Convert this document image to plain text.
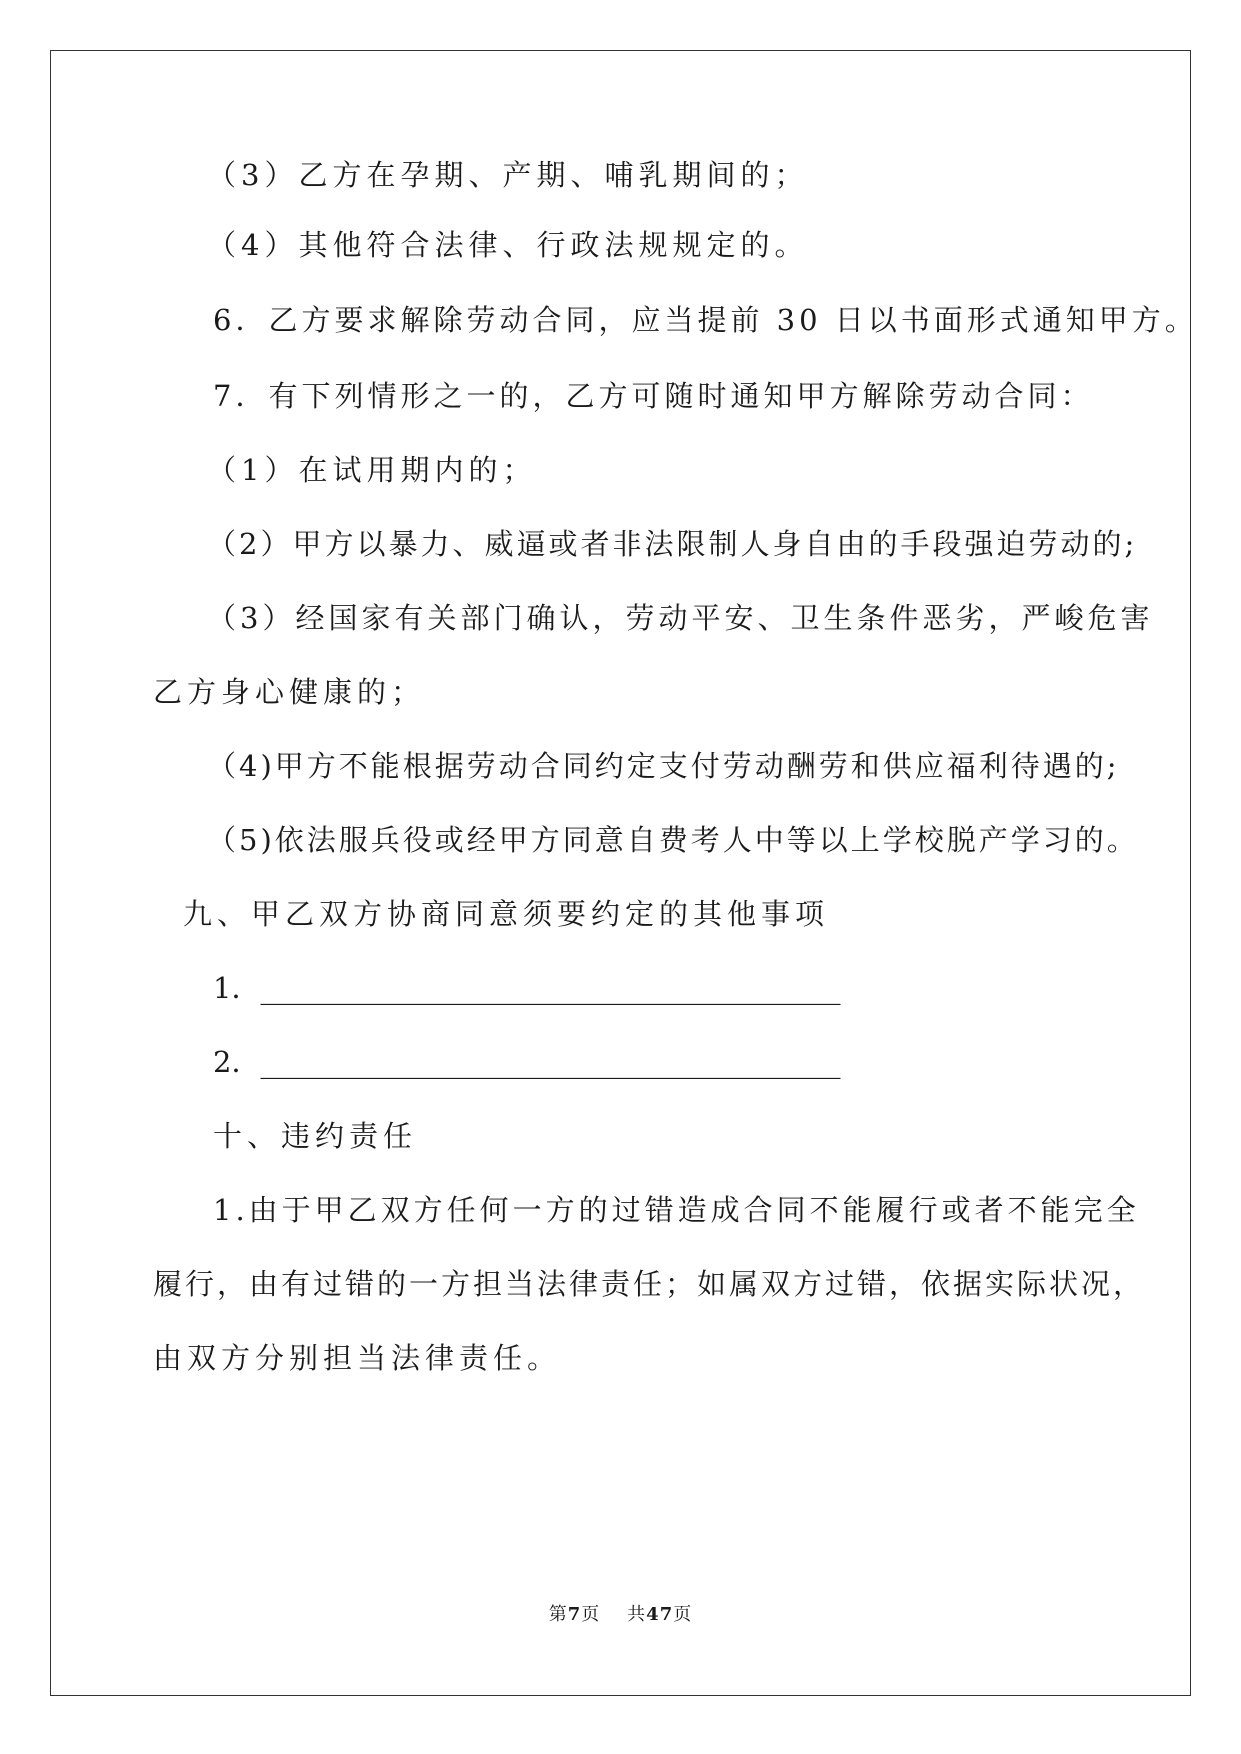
（3）乙方在孕期、产期、哺乳期间的；
（4）其他符合法律、行政法规规定的。
6．乙方要求解除劳动合同，应当提前 30 日以书面形式通知甲方。
7．有下列情形之一的，乙方可随时通知甲方解除劳动合同：
（1）在试用期内的；
（2）甲方以暴力、威逼或者非法限制人身自由的手段强迫劳动的;
（3）经国家有关部门确认，劳动平安、卫生条件恶劣，严峻危害
乙方身心健康的；
（4)甲方不能根据劳动合同约定支付劳动酬劳和供应福利待遇的;
（5)依法服兵役或经甲方同意自费考人中等以上学校脱产学习的。
九、甲乙双方协商同意须要约定的其他事项
1．________________________________________
2．________________________________________
十、违约责任
1.由于甲乙双方任何一方的过错造成合同不能履行或者不能完全
履行，由有过错的一方担当法律责任；如属双方过错，依据实际状况，
由双方分别担当法律责任。
第7页 共47页
